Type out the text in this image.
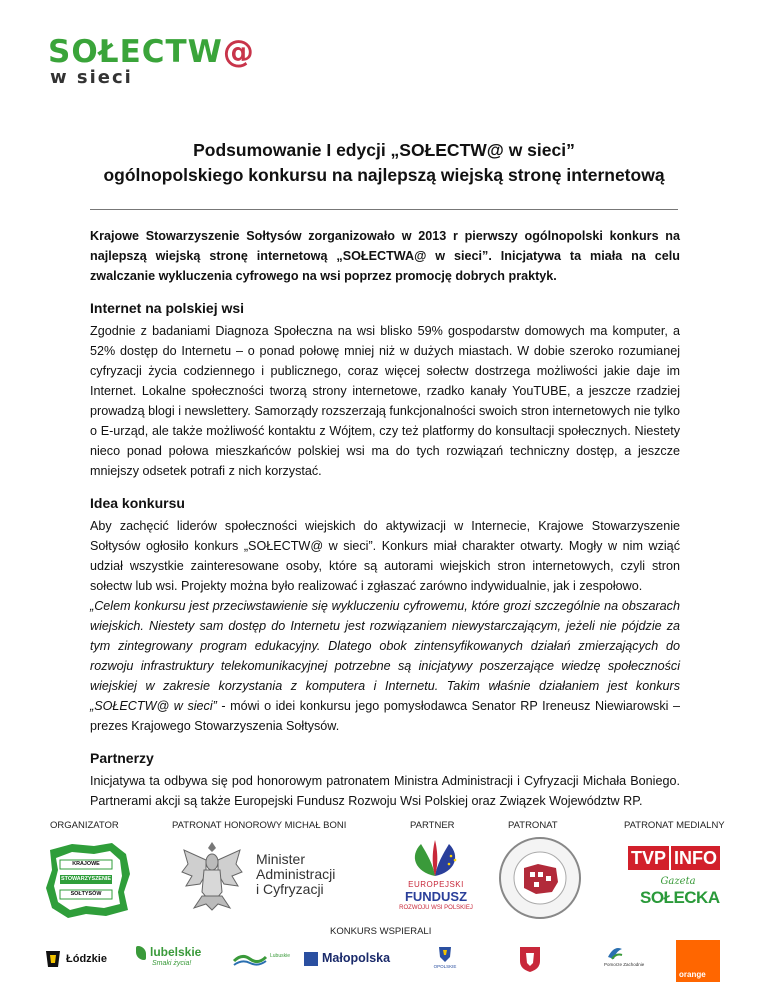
SOŁECTW@
w sieci
Podsumowanie I edycji „SOŁECTW@ w sieci”
ogólnopolskiego konkursu na najlepszą wiejską stronę internetową

Krajowe Stowarzyszenie Sołtysów zorganizowało w 2013 r pierwszy ogólnopolski konkurs na najlepszą wiejską stronę internetową „SOŁECTWA@ w sieci”. Inicjatywa ta miała na celu zwalczanie wykluczenia cyfrowego na wsi poprzez promocję dobrych praktyk.

Internet na polskiej wsi

Zgodnie z badaniami Diagnoza Społeczna na wsi blisko 59% gospodarstw domowych ma komputer, a 52% dostęp do Internetu – o ponad połowę mniej niż w dużych miastach. W dobie szeroko rozumianej cyfryzacji życia codziennego i publicznego, coraz więcej sołectw dostrzega możliwości jakie daje im Internet. Lokalne społeczności tworzą strony internetowe, rzadko kanały YouTUBE, a jeszcze rzadziej prowadzą blogi i newslettery. Samorządy rozszerzają funkcjonalności swoich stron internetowych nie tylko o E-urząd, ale także możliwość kontaktu z Wójtem, czy też platformy do konsultacji społecznych. Niestety nieco ponad połowa mieszkańców polskiej wsi ma do tych rozwiązań techniczny dostęp, a jeszcze mniejszy odsetek potrafi z nich korzystać.

Idea konkursu

Aby zachęcić liderów społeczności wiejskich do aktywizacji w Internecie, Krajowe Stowarzyszenie Sołtysów ogłosiło konkurs „SOŁECTW@ w sieci”. Konkurs miał charakter otwarty. Mogły w nim wziąć udział wszystkie zainteresowane osoby, które są autorami wiejskich stron internetowych, czyli stron sołectw lub wsi. Projekty można było realizować i zgłaszać zarówno indywidualnie, jak i zespołowo.

„Celem konkursu jest przeciwstawienie się wykluczeniu cyfrowemu, które grozi szczególnie na obszarach wiejskich. Niestety sam dostęp do Internetu jest rozwiązaniem niewystarczającym, jeżeli nie pójdzie za tym zintegrowany program edukacyjny. Dlatego obok zintensyfikowanych działań zmierzających do rozwoju infrastruktury telekomunikacyjnej potrzebne są inicjatywy poszerzające wiedzę społeczności wiejskiej w zakresie korzystania z komputera i Internetu. Takim właśnie działaniem jest konkurs „SOŁECTW@ w sieci” - mówi o idei konkursu jego pomysłodawca Senator RP Ireneusz Niewiarowski – prezes Krajowego Stowarzyszenia Sołtysów.

Partnerzy

Inicjatywa ta odbywa się pod honorowym patronatem Ministra Administracji i Cyfryzacji Michała Boniego. Partnerami akcji są także Europejski Fundusz Rozwoju Wsi Polskiej oraz Związek Województw RP.

ORGANIZATOR	PATRONAT HONOROWY MICHAŁ BONI	PARTNER	PATRONAT	PATRONAT MEDIALNY
KRAJOWE
STOWARZYSZENIE
SOŁTYSÓW
Minister
Administracji
i Cyfryzacji	EUROPEJSKI
FUNDUSZ
ROZWOJU WSI POLSKIEJ
TVP INFO
Gazeta
SOŁECKA
KONKURS WSPIERALI
Łódzkie	lubelskie
Smaki życia!
Lubuskie	Małopolska
OPOLSKIE	Pomorze Zachodnie
orange
